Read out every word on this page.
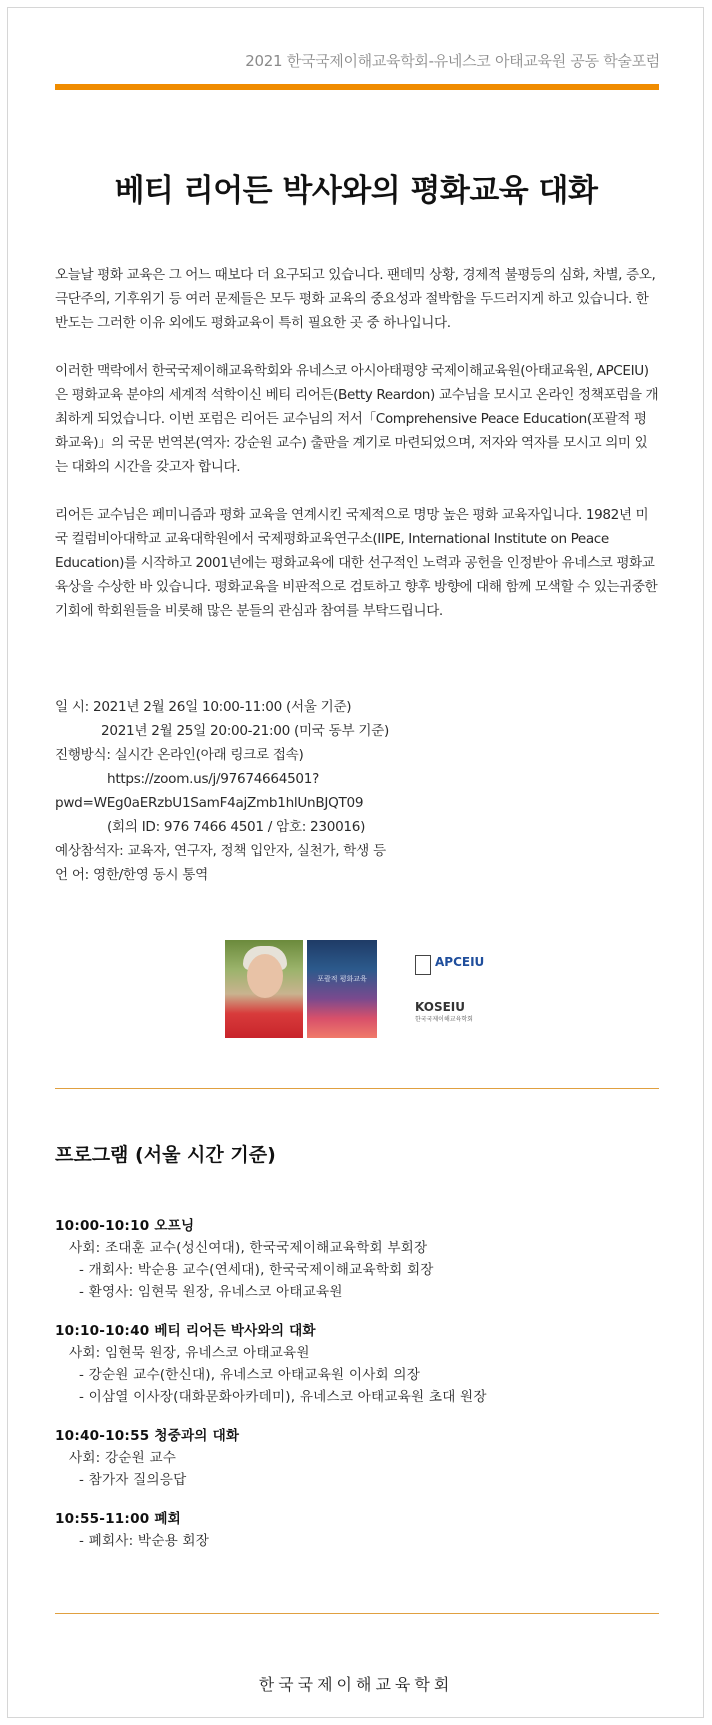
2021 한국국제이해교육학회-유네스코 아태교육원 공동 학술포럼
베티 리어든 박사와의 평화교육 대화

오늘날 평화 교육은 그 어느 때보다 더 요구되고 있습니다. 팬데믹 상황, 경제적 불평등의 심화, 차별, 증오, 극단주의, 기후위기 등 여러 문제들은 모두 평화 교육의 중요성과 절박함을 두드러지게 하고 있습니다. 한반도는 그러한 이유 외에도 평화교육이 특히 필요한 곳 중 하나입니다.

이러한 맥락에서 한국국제이해교육학회와 유네스코 아시아태평양 국제이해교육원(아태교육원, APCEIU)은 평화교육 분야의 세계적 석학이신 베티 리어든(Betty Reardon) 교수님을 모시고 온라인 정책포럼을 개최하게 되었습니다. 이번 포럼은 리어든 교수님의 저서「Comprehensive Peace Education(포괄적 평화교육)」의 국문 번역본(역자: 강순원 교수) 출판을 계기로 마련되었으며, 저자와 역자를 모시고 의미 있는 대화의 시간을 갖고자 합니다.

리어든 교수님은 페미니즘과 평화 교육을 연계시킨 국제적으로 명망 높은 평화 교육자입니다. 1982년 미국 컬럼비아대학교 교육대학원에서 국제평화교육연구소(IIPE, International Institute on Peace Education)를 시작하고 2001년에는 평화교육에 대한 선구적인 노력과 공헌을 인정받아 유네스코 평화교육상을 수상한 바 있습니다. 평화교육을 비판적으로 검토하고 향후 방향에 대해 함께 모색할 수 있는귀중한 기회에 학회원들을 비롯해 많은 분들의 관심과 참여를 부탁드립니다.

일 시: 2021년 2월 26일 10:00-11:00 (서울 기준)
2021년 2월 25일 20:00-21:00 (미국 동부 기준)
진행방식: 실시간 온라인(아래 링크로 접속)
https://zoom.us/j/97674664501?
pwd=WEg0aERzbU1SamF4ajZmb1hlUnBJQT09
(회의 ID: 976 7466 4501 / 암호: 230016)
예상참석자: 교육자, 연구자, 정책 입안자, 실천가, 학생 등
언 어: 영한/한영 동시 통역
포괄적 평화교육
APCEIU
KOSEIU
한국국제이해교육학회
프로그램 (서울 시간 기준)
10:00-10:10 오프닝
사회: 조대훈 교수(성신여대), 한국국제이해교육학회 부회장
- 개회사: 박순용 교수(연세대), 한국국제이해교육학회 회장
- 환영사: 임현묵 원장, 유네스코 아태교육원
10:10-10:40 베티 리어든 박사와의 대화
사회: 임현묵 원장, 유네스코 아태교육원
- 강순원 교수(한신대), 유네스코 아태교육원 이사회 의장
- 이삼열 이사장(대화문화아카데미), 유네스코 아태교육원 초대 원장
10:40-10:55 청중과의 대화
사회: 강순원 교수
- 참가자 질의응답
10:55-11:00 폐회
- 폐회사: 박순용 회장
한국국제이해교육학회
